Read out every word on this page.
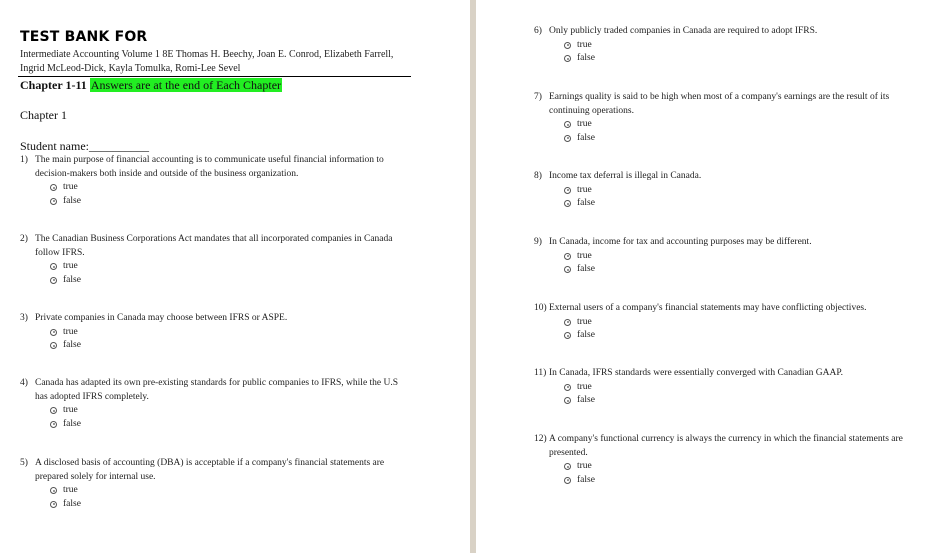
TEST BANK FOR
Intermediate Accounting Volume 1 8E Thomas H. Beechy, Joan E. Conrod, Elizabeth Farrell,
Ingrid McLeod-Dick, Kayla Tomulka, Romi-Lee Sevel
Chapter 1-11 Answers are at the end of Each Chapter
Chapter 1
Student name:__________
1) The main purpose of financial accounting is to communicate useful financial information to decision-makers both inside and outside of the business organization.
true
false
2) The Canadian Business Corporations Act mandates that all incorporated companies in Canada follow IFRS.
true
false
3) Private companies in Canada may choose between IFRS or ASPE.
true
false
4) Canada has adapted its own pre-existing standards for public companies to IFRS, while the U.S has adopted IFRS completely.
true
false
5) A disclosed basis of accounting (DBA) is acceptable if a company's financial statements are prepared solely for internal use.
true
false
6) Only publicly traded companies in Canada are required to adopt IFRS.
true
false
7) Earnings quality is said to be high when most of a company's earnings are the result of its continuing operations.
true
false
8) Income tax deferral is illegal in Canada.
true
false
9) In Canada, income for tax and accounting purposes may be different.
true
false
10) External users of a company's financial statements may have conflicting objectives.
true
false
11) In Canada, IFRS standards were essentially converged with Canadian GAAP.
true
false
12) A company's functional currency is always the currency in which the financial statements are presented.
true
false
